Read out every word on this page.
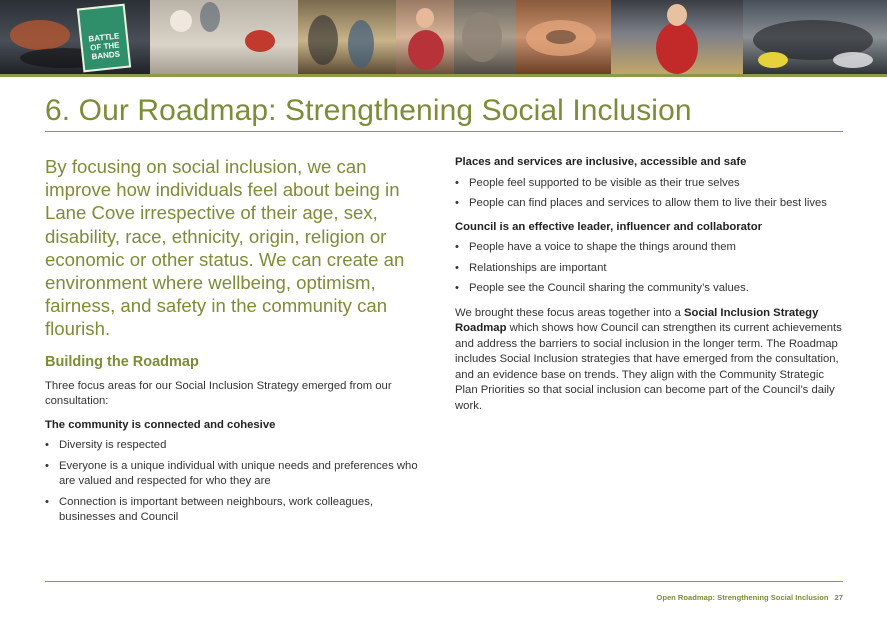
BATTLE
OF THE
BANDS
6. Our Roadmap: Strengthening Social Inclusion

By focusing on social inclusion, we can improve how individuals feel about being in Lane Cove irrespective of their age, sex, disability, race, ethnicity, origin, religion or economic or other status. We can create an environment where wellbeing, optimism, fairness, and safety in the community can flourish.

Building the Roadmap

Three focus areas for our Social Inclusion Strategy emerged from our consultation:

The community is connected and cohesive

• Diversity is respected
• Everyone is a unique individual with unique needs and preferences who are valued and respected for who they are
• Connection is important between neighbours, work colleagues, businesses and Council

Places and services are inclusive, accessible and safe

• People feel supported to be visible as their true selves
• People can find places and services to allow them to live their best lives

Council is an effective leader, influencer and collaborator

• People have a voice to shape the things around them
• Relationships are important
• People see the Council sharing the community’s values.

We brought these focus areas together into a Social Inclusion Strategy Roadmap which shows how Council can strengthen its current achievements and address the barriers to social inclusion in the longer term. The Roadmap includes Social Inclusion strategies that have emerged from the consultation, and an evidence base on trends. They align with the Community Strategic Plan Priorities so that social inclusion can become part of the Council’s daily work.

Open Roadmap: Strengthening Social Inclusion 27
